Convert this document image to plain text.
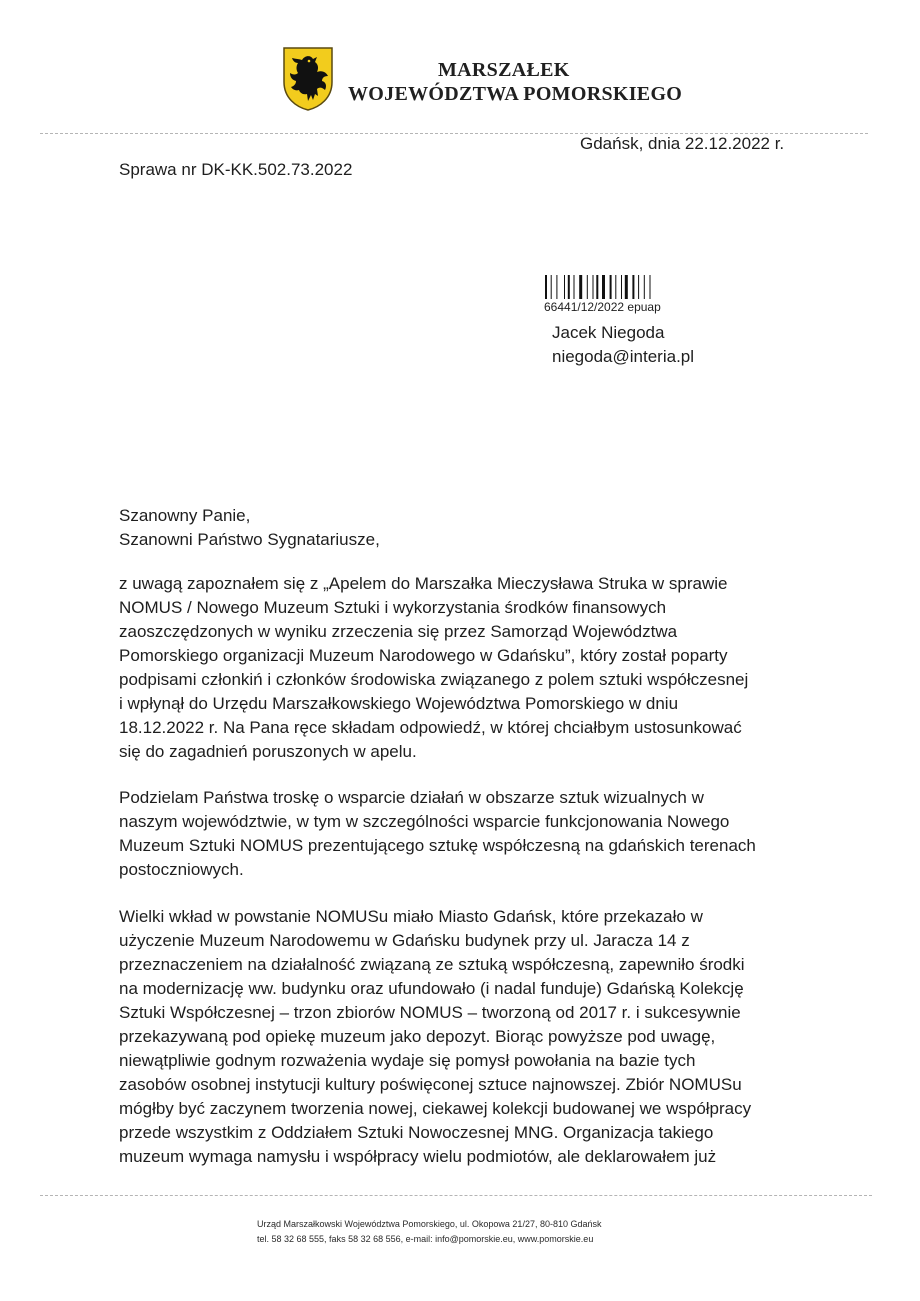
MARSZAŁEK
WOJEWÓDZTWA POMORSKIEGO
Gdańsk, dnia 22.12.2022 r.
Sprawa nr DK-KK.502.73.2022
66441/12/2022 epuap
Jacek Niegoda
niegoda@interia.pl
Szanowny Panie,
Szanowni Państwo Sygnatariusze,
z uwagą zapoznałem się z „Apelem do Marszałka Mieczysława Struka w sprawie
NOMUS / Nowego Muzeum Sztuki i wykorzystania środków finansowych
zaoszczędzonych w wyniku zrzeczenia się przez Samorząd Województwa
Pomorskiego organizacji Muzeum Narodowego w Gdańsku”, który został poparty
podpisami członkiń i członków środowiska związanego z polem sztuki współczesnej
i wpłynął do Urzędu Marszałkowskiego Województwa Pomorskiego w dniu
18.12.2022 r. Na Pana ręce składam odpowiedź, w której chciałbym ustosunkować
się do zagadnień poruszonych w apelu.
Podzielam Państwa troskę o wsparcie działań w obszarze sztuk wizualnych w
naszym województwie, w tym w szczególności wsparcie funkcjonowania Nowego
Muzeum Sztuki NOMUS prezentującego sztukę współczesną na gdańskich terenach
postoczniowych.
Wielki wkład w powstanie NOMUSu miało Miasto Gdańsk, które przekazało w
użyczenie Muzeum Narodowemu w Gdańsku budynek przy ul. Jaracza 14 z
przeznaczeniem na działalność związaną ze sztuką współczesną, zapewniło środki
na modernizację ww. budynku oraz ufundowało (i nadal funduje) Gdańską Kolekcję
Sztuki Współczesnej – trzon zbiorów NOMUS – tworzoną od 2017 r. i sukcesywnie
przekazywaną pod opiekę muzeum jako depozyt. Biorąc powyższe pod uwagę,
niewątpliwie godnym rozważenia wydaje się pomysł powołania na bazie tych
zasobów osobnej instytucji kultury poświęconej sztuce najnowszej. Zbiór NOMUSu
mógłby być zaczynem tworzenia nowej, ciekawej kolekcji budowanej we współpracy
przede wszystkim z Oddziałem Sztuki Nowoczesnej MNG. Organizacja takiego
muzeum wymaga namysłu i współpracy wielu podmiotów, ale deklarowałem już
Urząd Marszałkowski Województwa Pomorskiego, ul. Okopowa 21/27, 80-810 Gdańsk
tel. 58 32 68 555, faks 58 32 68 556, e-mail: info@pomorskie.eu, www.pomorskie.eu
